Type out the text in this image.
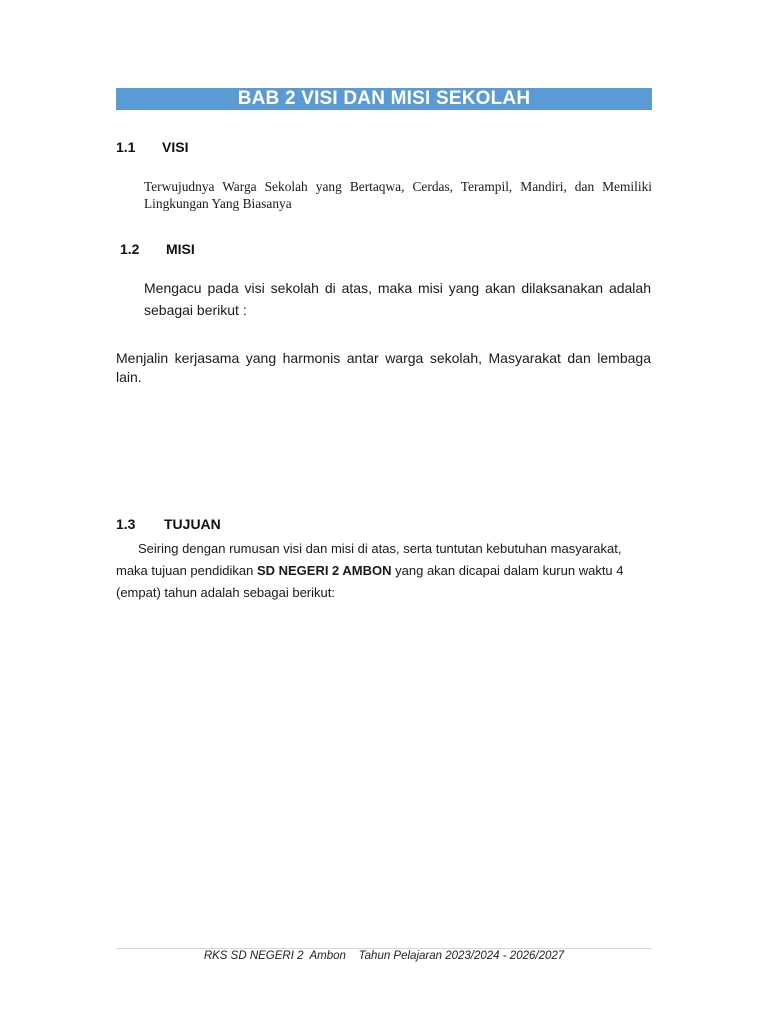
BAB 2 VISI DAN MISI SEKOLAH
1.1 VISI
Terwujudnya Warga Sekolah yang Bertaqwa, Cerdas, Terampil, Mandiri, dan Memiliki Lingkungan Yang Biasanya
1.2 MISI
Mengacu pada visi sekolah di atas, maka misi yang akan dilaksanakan adalah sebagai berikut :
Menjalin kerjasama yang harmonis antar warga sekolah, Masyarakat dan lembaga lain.
1.3 TUJUAN
Seiring dengan rumusan visi dan misi di atas, serta tuntutan kebutuhan masyarakat, maka tujuan pendidikan SD NEGERI 2 AMBON yang akan dicapai dalam kurun waktu 4 (empat) tahun adalah sebagai berikut:
RKS SD NEGERI 2  Ambon    Tahun Pelajaran 2023/2024 - 2026/2027
